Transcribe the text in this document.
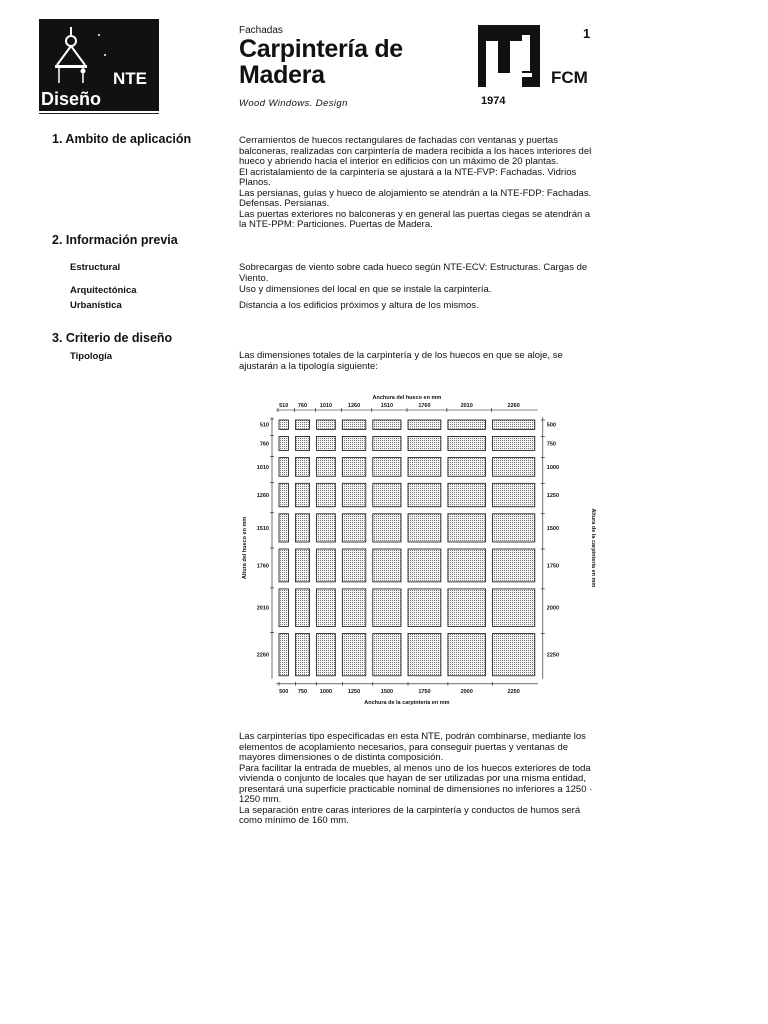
NTE
Diseño
Fachadas
Carpintería de
Madera
Wood Windows. Design
1
FCM
1974
1. Ambito de aplicación	Cerramientos de huecos rectangulares de fachadas con ventanas y puertas balconeras, realizadas con carpintería de madera recibida a los haces interiores del hueco y abriendo hacia el interior en edificios con un máximo de 20 plantas.
El acristalamiento de la carpintería se ajustará a la NTE-FVP: Fachadas. Vidrios Planos.
Las persianas, guías y hueco de alojamiento se atendrán a la NTE-FDP: Fachadas. Defensas. Persianas.
Las puertas exteriores no balconeras y en general las puertas ciegas se atendrán a la NTE-PPM: Particiones. Puertas de Madera.
2. Información previa
Estructural	Sobrecargas de viento sobre cada hueco según NTE-ECV: Estructuras. Cargas de Viento.
Arquitectónica	Uso y dimensiones del local en que se instale la carpintería.
Urbanística	Distancia a los edificios próximos y altura de los mismos.
3. Criterio de diseño
Tipología	Las dimensiones totales de la carpintería y de los huecos en que se aloje, se ajustarán a la tipología siguiente:
510 760 1010	1260	1510	1760	2010	2260
Anchura del hueco en mm
500 750 1000	1250	1500	1750	2000	2250
Anchura de la carpintería en mm
510
760
1010
1260
1510
1760
2010
2260
Altura del hueco en mm
500
750
1000
1250
1500
1750
2000
2250
Altura de la carpintería en mm
Las carpinterías tipo especificadas en esta NTE, podrán combinarse, mediante los elementos de acoplamiento necesarios, para conseguir puertas y ventanas de mayores dimensiones o de distinta composición.
Para facilitar la entrada de muebles, al menos uno de los huecos exteriores de toda vivienda o conjunto de locales que hayan de ser utilizadas por una misma entidad, presentará una superficie practicable nominal de dimensiones no inferiores a 1250 · 1250 mm.
La separación entre caras interiores de la carpintería y conductos de humos será como mínimo de 160 mm.
